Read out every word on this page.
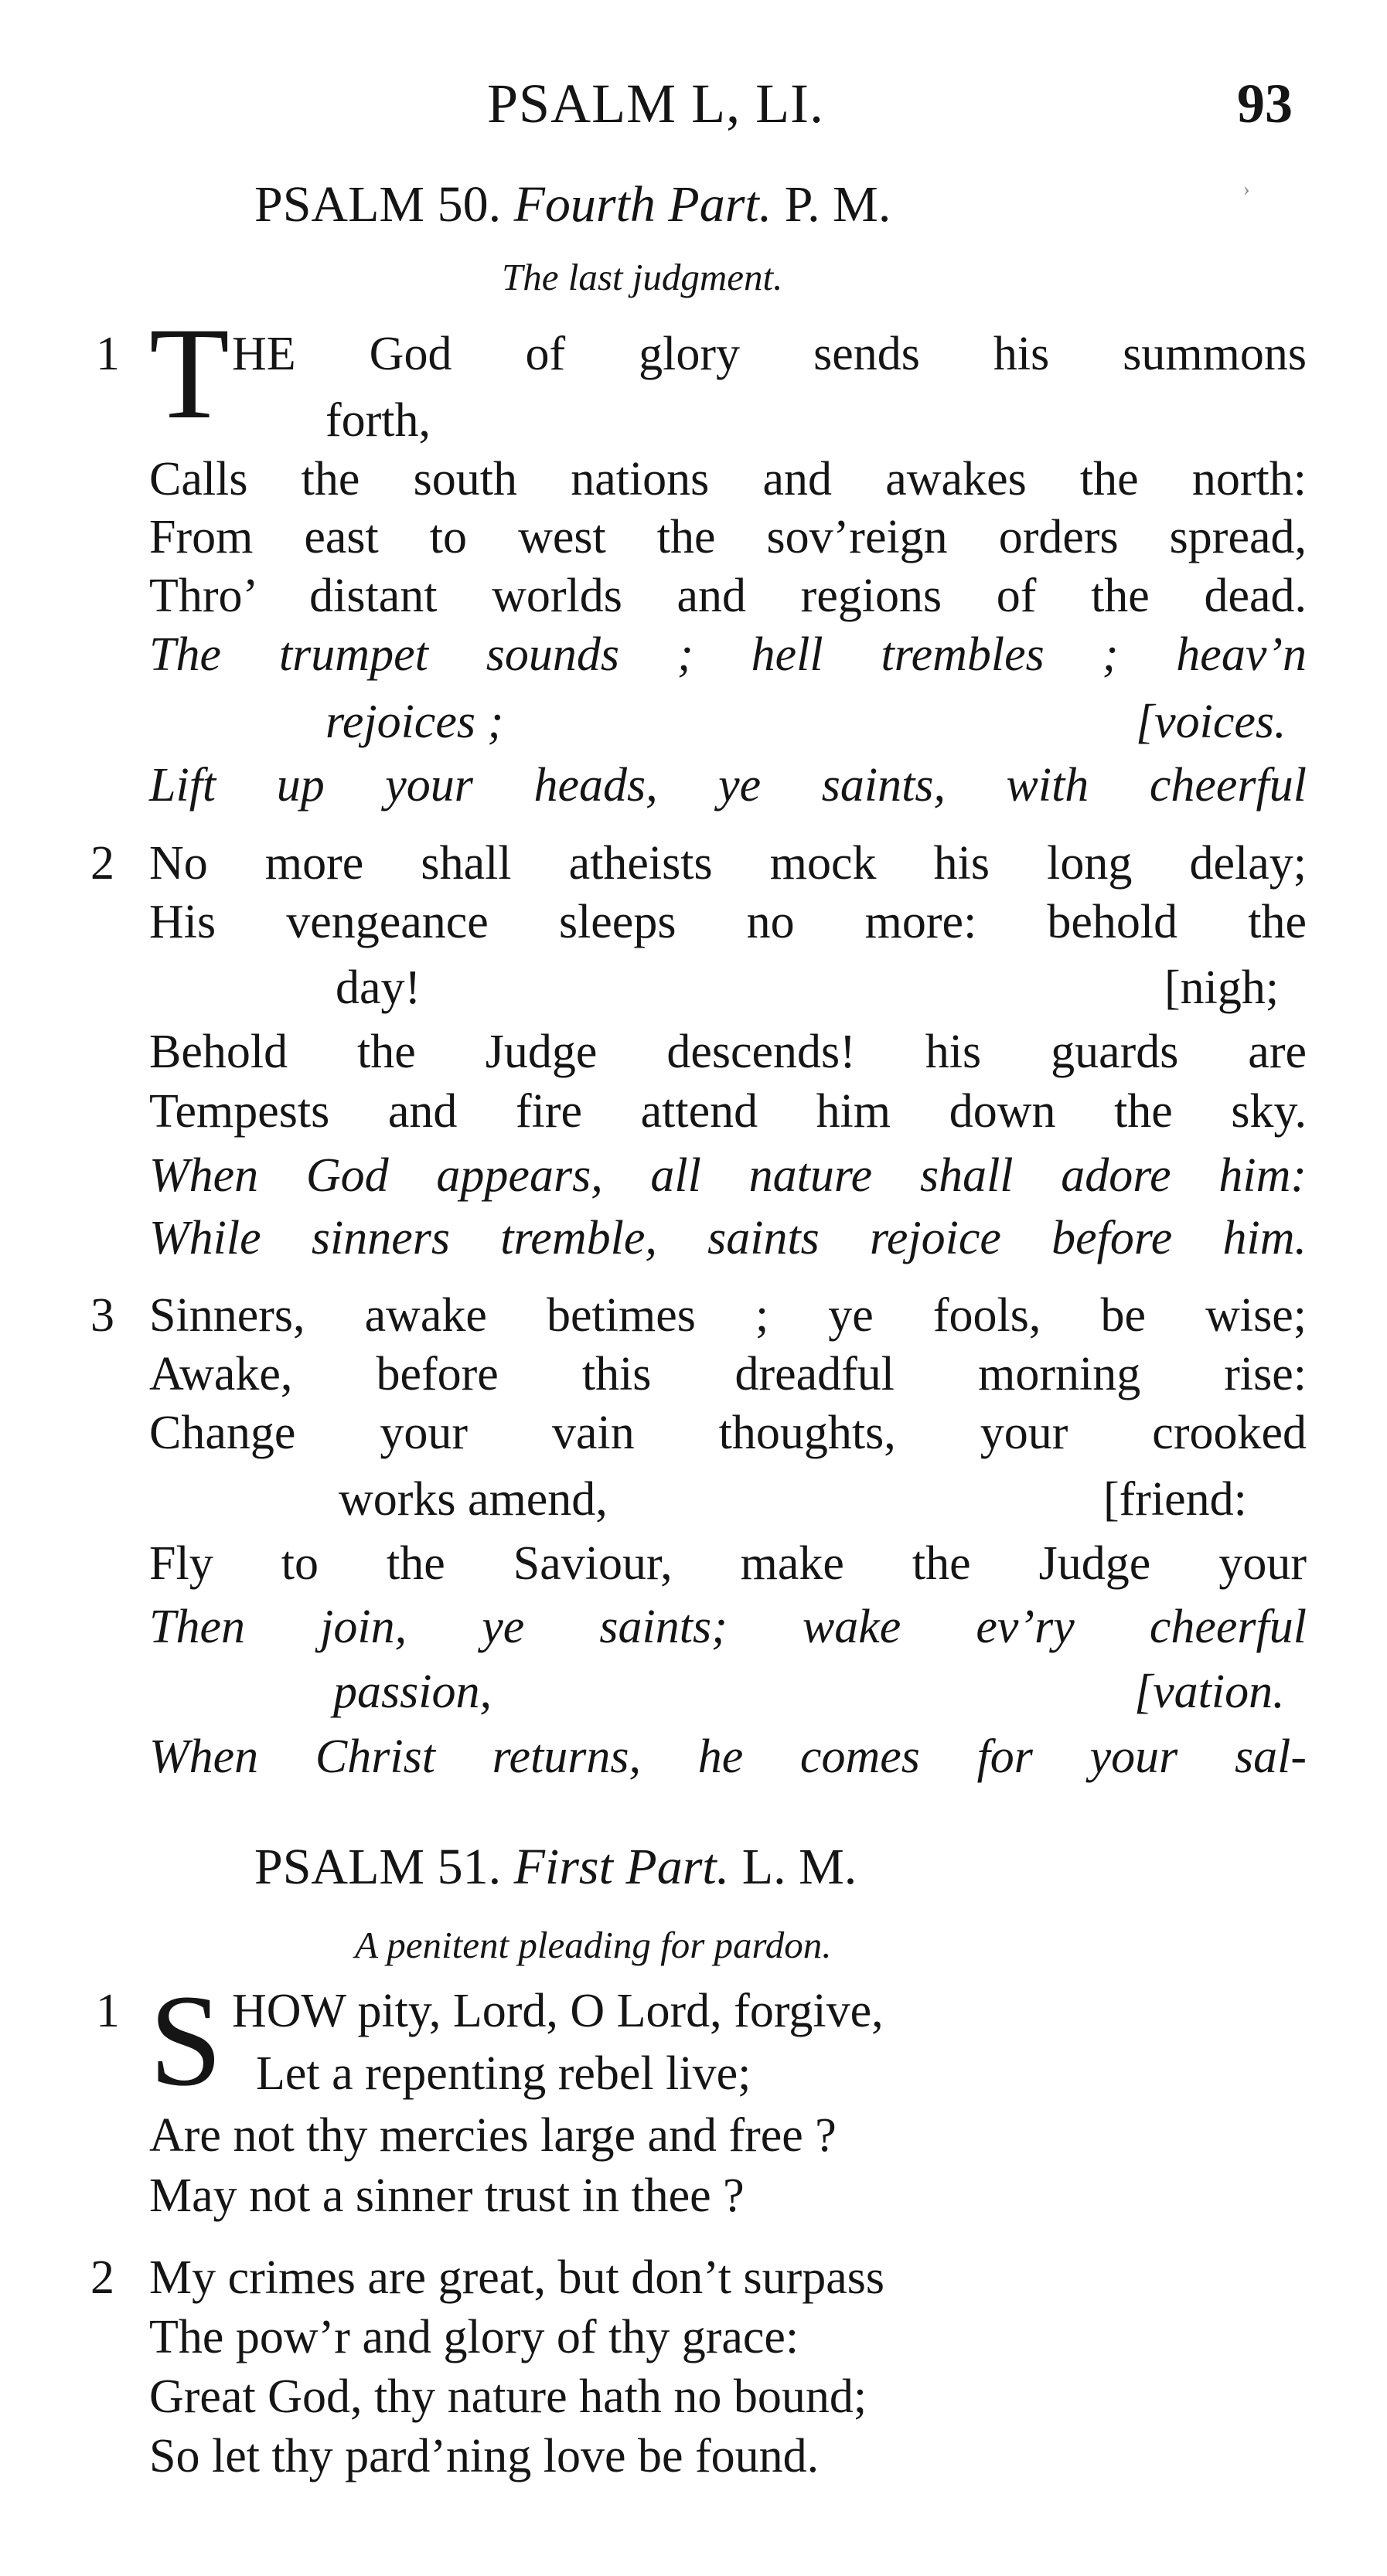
PSALM L, LI.	93
PSALM 50. Fourth Part. P. M.
The last judgment.
1 T HE God of glory sends his summons
forth,
Calls the south nations and awakes the north:
From east to west the sov’reign orders spread,
Thro’ distant worlds and regions of the dead.
The trumpet sounds ; hell trembles ; heav’n
rejoices ;	[voices.
Lift up your heads, ye saints, with cheerful
2 No more shall atheists mock his long delay;
His vengeance sleeps no more: behold the
day!	[nigh;
Behold the Judge descends! his guards are
Tempests and fire attend him down the sky.
When God appears, all nature shall adore him:
While sinners tremble, saints rejoice before him.
3 Sinners, awake betimes ; ye fools, be wise;
Awake, before this dreadful morning rise:
Change your vain thoughts, your crooked
works amend,	[friend:
Fly to the Saviour, make the Judge your
Then join, ye saints; wake ev’ry cheerful
passion,	[vation.
When Christ returns, he comes for your sal-
PSALM 51. First Part. L. M.
A penitent pleading for pardon.
1 S HOW pity, Lord, O Lord, forgive,
Let a repenting rebel live;
Are not thy mercies large and free ?
May not a sinner trust in thee ?
2 My crimes are great, but don’t surpass
The pow’r and glory of thy grace:
Great God, thy nature hath no bound;
So let thy pard’ning love be found.
›
